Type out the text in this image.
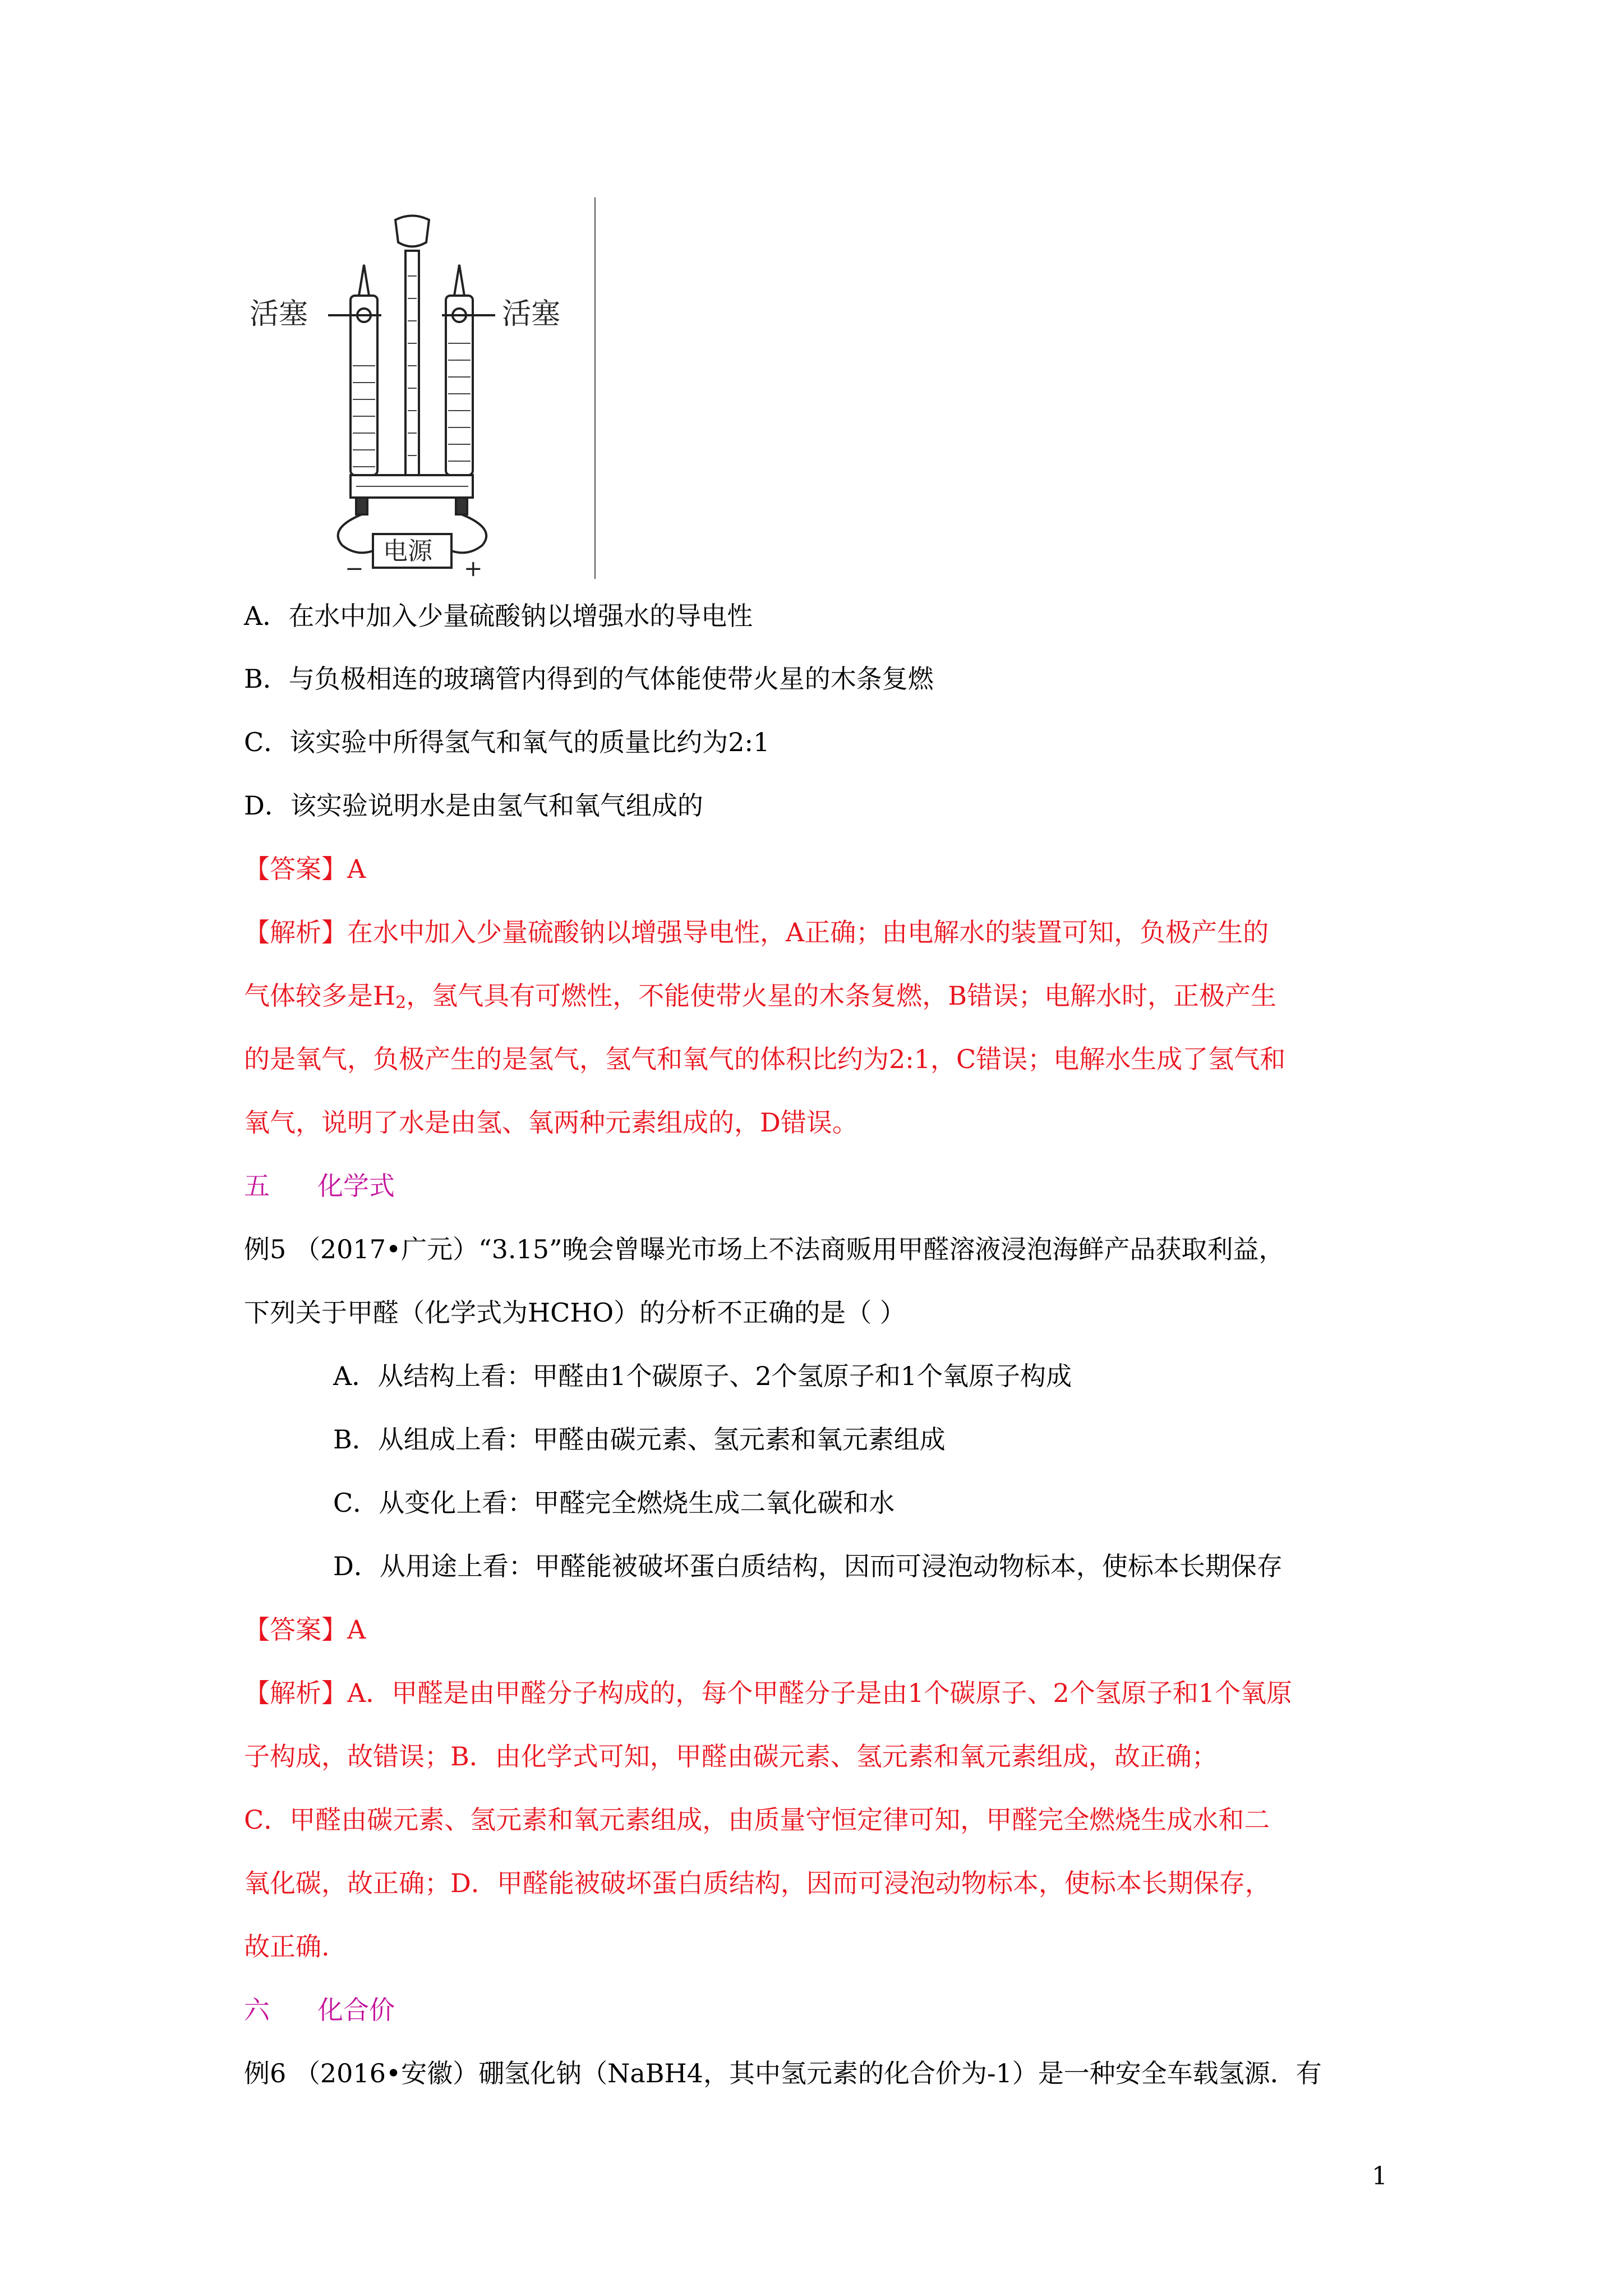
活塞	活塞
电源
−	+
A．在水中加入少量硫酸钠以增强水的导电性
B．与负极相连的玻璃管内得到的气体能使带火星的木条复燃
C．该实验中所得氢气和氧气的质量比约为2:1
D．该实验说明水是由氢气和氧气组成的
【答案】A
【解析】在水中加入少量硫酸钠以增强导电性，A正确；由电解水的装置可知，负极产生的
气体较多是$H_2$，氢气具有可燃性，不能使带火星的木条复燃，B错误；电解水时，正极产生
的是氧气，负极产生的是氢气，氢气和氧气的体积比约为2:1，C错误；电解水生成了氢气和
氧气，说明了水是由氢、氧两种元素组成的，D错误。
五 化学式
例5 （2017•广元）“3.15”晚会曾曝光市场上不法商贩用甲醛溶液浸泡海鲜产品获取利益，
下列关于甲醛（化学式为HCHO）的分析不正确的是（ ）
A．从结构上看：甲醛由1个碳原子、2个氢原子和1个氧原子构成
B．从组成上看：甲醛由碳元素、氢元素和氧元素组成
C．从变化上看：甲醛完全燃烧生成二氧化碳和水
D．从用途上看：甲醛能被破坏蛋白质结构，因而可浸泡动物标本，使标本长期保存
【答案】A
【解析】A．甲醛是由甲醛分子构成的，每个甲醛分子是由1个碳原子、2个氢原子和1个氧原
子构成，故错误；B．由化学式可知，甲醛由碳元素、氢元素和氧元素组成，故正确；
C．甲醛由碳元素、氢元素和氧元素组成，由质量守恒定律可知，甲醛完全燃烧生成水和二
氧化碳，故正确；D．甲醛能被破坏蛋白质结构，因而可浸泡动物标本，使标本长期保存，
故正确.
六 化合价
例6 （2016•安徽）硼氢化钠（NaBH4，其中氢元素的化合价为-1）是一种安全车载氢源．有
1
